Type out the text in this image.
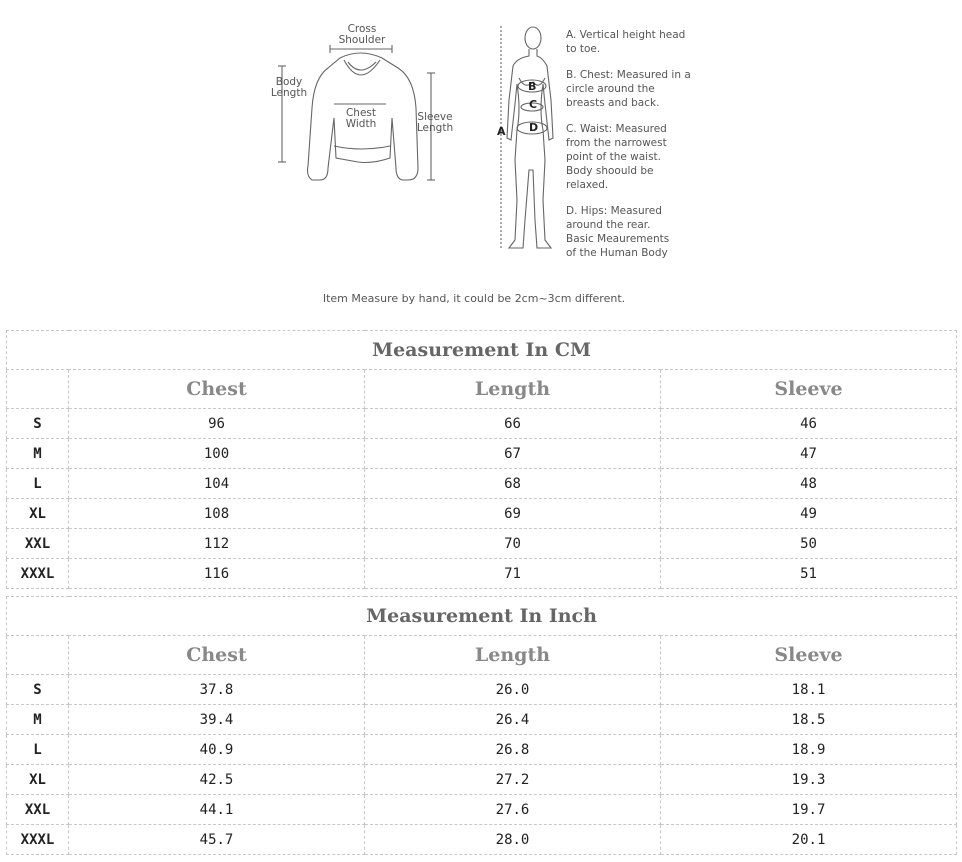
Cross
Shoulder
Body
Length
Chest
Width
Sleeve
Length	A
B
C
D
A. Vertical height head
to toe.
B. Chest: Measured in a
circle around the
breasts and back.
C. Waist: Measured
from the narrowest
point of the waist.
Body shoould be
relaxed.
D. Hips: Measured
around the rear.
Basic Meaurements
of the Human Body
Item Measure by hand, it could be 2cm~3cm different.
Measurement In CM			
	Chest	Length	Sleeve
S	96	66	46
M	100	67	47
L	104	68	48
XL	108	69	49
XXL	112	70	50
XXXL	116	71	51
Measurement In Inch			
	Chest	Length	Sleeve
S	37.8	26.0	18.1
M	39.4	26.4	18.5
L	40.9	26.8	18.9
XL	42.5	27.2	19.3
XXL	44.1	27.6	19.7
XXXL	45.7	28.0	20.1
